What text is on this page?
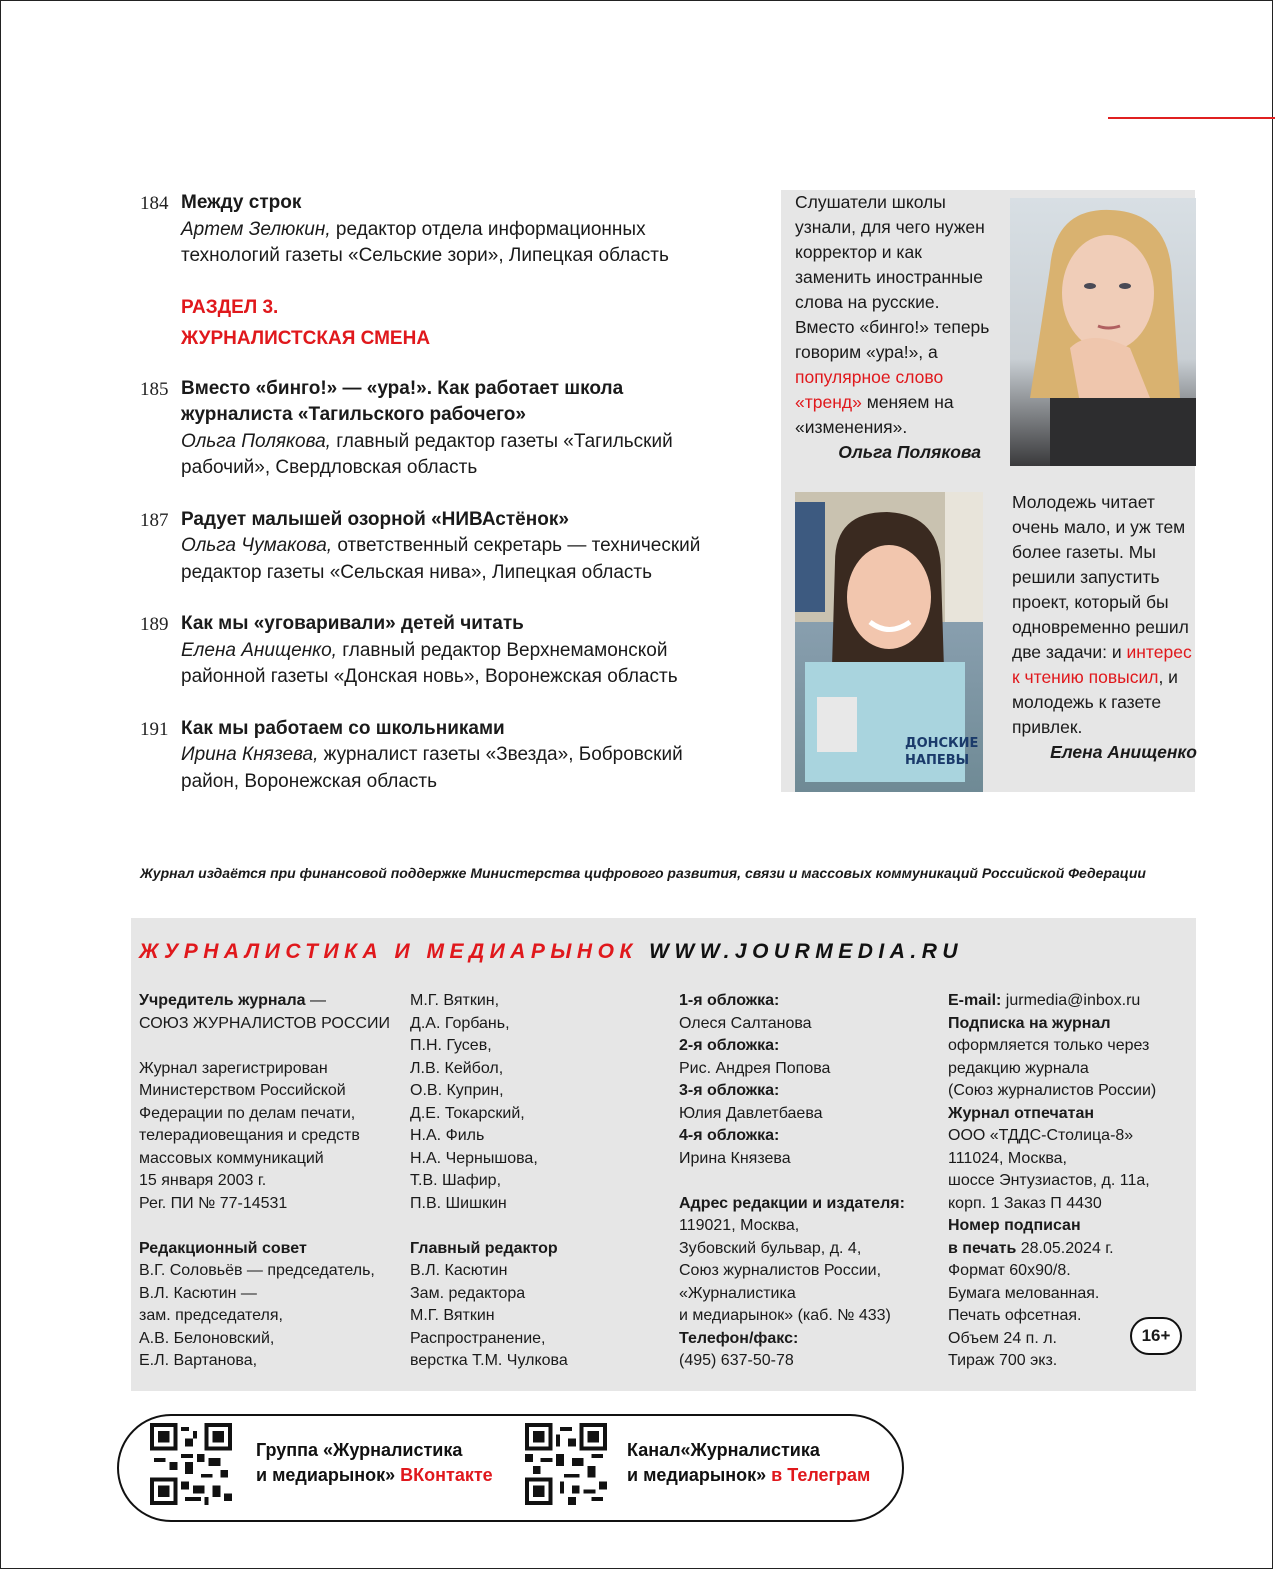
184 Между строк
Артем Зелюкин, редактор отдела информационных технологий газеты «Сельские зори», Липецкая область
РАЗДЕЛ 3.
ЖУРНАЛИСТСКАЯ СМЕНА
185 Вместо «бинго!» — «ура!». Как работает школа журналиста «Тагильского рабочего»
Ольга Полякова, главный редактор газеты «Тагильский рабочий», Свердловская область
187 Радует малышей озорной «НИВАстёнок»
Ольга Чумакова, ответственный секретарь — технический редактор газеты «Сельская нива», Липецкая область
189 Как мы «уговаривали» детей читать
Елена Анищенко, главный редактор Верхнемамонской районной газеты «Донская новь», Воронежская область
191 Как мы работаем со школьниками
Ирина Князева, журналист газеты «Звезда», Бобровский район, Воронежская область
ДОНСКИЕ
НАПЕВЫ
Слушатели школы узнали, для чего нужен корректор и как заменить иностранные слова на русские. Вместо «бинго!» теперь говорим «ура!», а популярное слово «тренд» меняем на «изменения».
Ольга Полякова
Молодежь читает очень мало, и уж тем более газеты. Мы решили запустить проект, который бы одновременно решил две задачи: и интерес к чтению повысил, и молодежь к газете привлек.
Елена Анищенко
Журнал издаётся при финансовой поддержке Министерства цифрового развития, связи и массовых коммуникаций Российской Федерации
ЖУРНАЛИСТИКА И МЕДИАРЫНОК WWW.JOURMEDIA.RU
Учредитель журнала —
СОЮЗ ЖУРНАЛИСТОВ РОССИИ
Журнал зарегистрирован
Министерством Российской
Федерации по делам печати,
телерадиовещания и средств
массовых коммуникаций
15 января 2003 г.
Рег. ПИ № 77-14531
Редакционный совет
В.Г. Соловьёв — председатель,
В.Л. Касютин —
зам. председателя,
А.В. Белоновский,
Е.Л. Вартанова,
М.Г. Вяткин,
Д.А. Горбань,
П.Н. Гусев,
Л.В. Кейбол,
О.В. Куприн,
Д.Е. Токарский,
Н.А. Филь
Н.А. Чернышова,
Т.В. Шафир,
П.В. Шишкин
Главный редактор
В.Л. Касютин
Зам. редактора
М.Г. Вяткин
Распространение,
верстка Т.М. Чулкова
1-я обложка:
Олеся Салтанова
2-я обложка:
Рис. Андрея Попова
3-я обложка:
Юлия Давлетбаева
4-я обложка:
Ирина Князева
Адрес редакции и издателя:
119021, Москва,
Зубовский бульвар, д. 4,
Союз журналистов России,
«Журналистика
и медиарынок» (каб. № 433)
Телефон/факс:
(495) 637-50-78
E-mail: jurmedia@inbox.ru
Подписка на журнал
оформляется только через
редакцию журнала
(Союз журналистов России)
Журнал отпечатан
ООО «ТДДС-Столица-8»
111024, Москва,
шоссе Энтузиастов, д. 11а,
корп. 1 Заказ П 4430
Номер подписан
в печать 28.05.2024 г.
Формат 60х90/8.
Бумага мелованная.
Печать офсетная.
Объем 24 п. л.
Тираж 700 экз.
16+
Группа «Журналистика
и медиарынок» ВКонтакте
Канал«Журналистика
и медиарынок» в Телеграм
